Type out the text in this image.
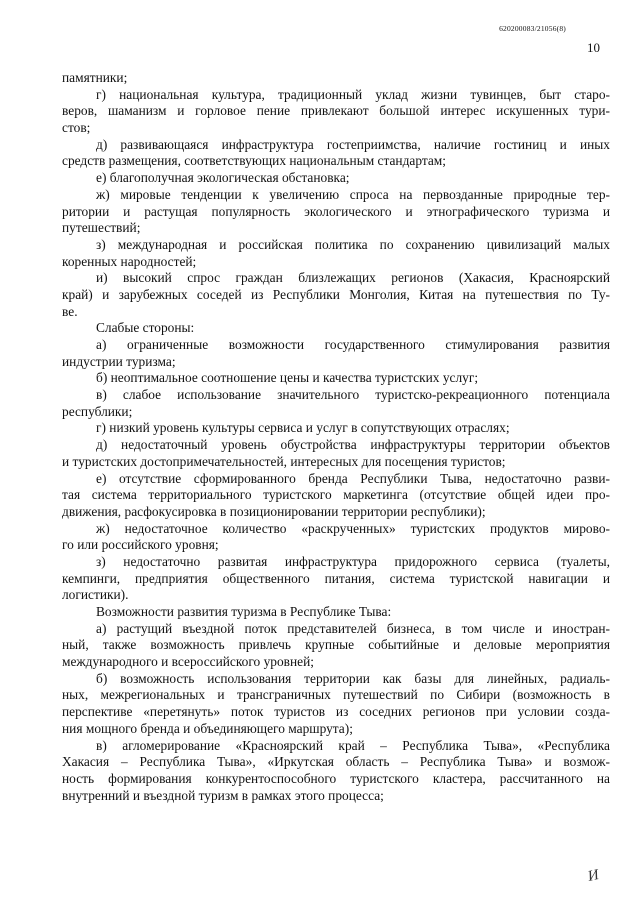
620200083/21056(8)
10
памятники;
г) национальная культура, традиционный уклад жизни тувинцев, быт старо-
веров, шаманизм и горловое пение привлекают большой интерес искушенных тури-
стов;
д) развивающаяся инфраструктура гостеприимства, наличие гостиниц и иных
средств размещения, соответствующих национальным стандартам;
е) благополучная экологическая обстановка;
ж) мировые тенденции к увеличению спроса на первозданные природные тер-
ритории и растущая популярность экологического и этнографического туризма и
путешествий;
з) международная и российская политика по сохранению цивилизаций малых
коренных народностей;
и) высокий спрос граждан близлежащих регионов (Хакасия, Красноярский
край) и зарубежных соседей из Республики Монголия, Китая на путешествия по Ту-
ве.
Слабые стороны:
а) ограниченные возможности государственного стимулирования развития
индустрии туризма;
б) неоптимальное соотношение цены и качества туристских услуг;
в) слабое использование значительного туристско-рекреационного потенциала
республики;
г) низкий уровень культуры сервиса и услуг в сопутствующих отраслях;
д) недостаточный уровень обустройства инфраструктуры территории объектов
и туристских достопримечательностей, интересных для посещения туристов;
е) отсутствие сформированного бренда Республики Тыва, недостаточно разви-
тая система территориального туристского маркетинга (отсутствие общей идеи про-
движения, расфокусировка в позиционировании территории республики);
ж) недостаточное количество «раскрученных» туристских продуктов мирово-
го или российского уровня;
з) недостаточно развитая инфраструктура придорожного сервиса (туалеты,
кемпинги, предприятия общественного питания, система туристской навигации и
логистики).
Возможности развития туризма в Республике Тыва:
а) растущий въездной поток представителей бизнеса, в том числе и иностран-
ный, также возможность привлечь крупные событийные и деловые мероприятия
международного и всероссийского уровней;
б) возможность использования территории как базы для линейных, радиаль-
ных, межрегиональных и трансграничных путешествий по Сибири (возможность в
перспективе «перетянуть» поток туристов из соседних регионов при условии созда-
ния мощного бренда и объединяющего маршрута);
в) агломерирование «Красноярский край – Республика Тыва», «Республика
Хакасия – Республика Тыва», «Иркутская область – Республика Тыва» и возмож-
ность формирования конкурентоспособного туристского кластера, рассчитанного на
внутренний и въездной туризм в рамках этого процесса;
И
